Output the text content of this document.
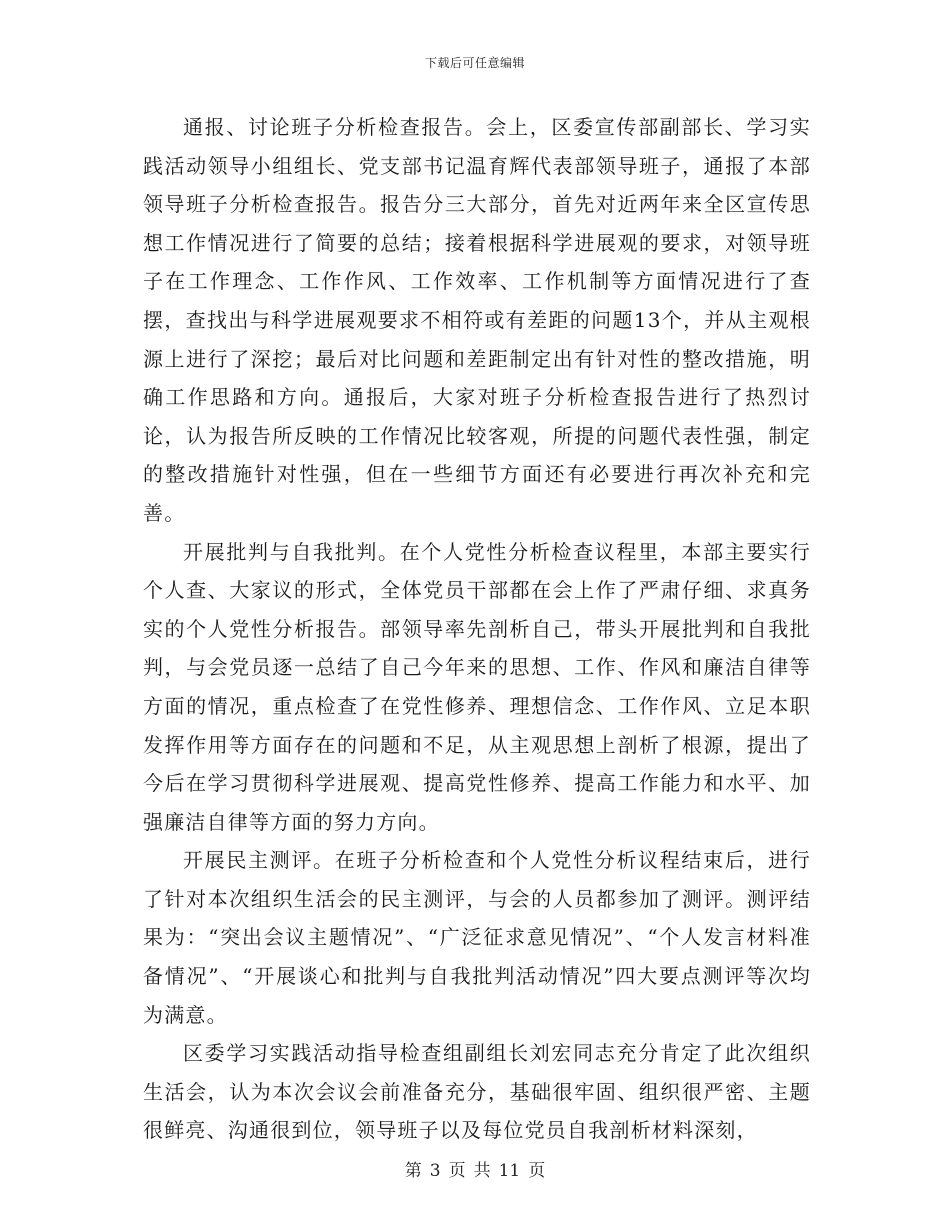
下载后可任意编辑

通报、讨论班子分析检查报告。会上，区委宣传部副部长、学习实践活动领导小组组长、党支部书记温育辉代表部领导班子，通报了本部领导班子分析检查报告。报告分三大部分，首先对近两年来全区宣传思想工作情况进行了简要的总结；接着根据科学进展观的要求，对领导班子在工作理念、工作作风、工作效率、工作机制等方面情况进行了查摆，查找出与科学进展观要求不相符或有差距的问题13个，并从主观根源上进行了深挖；最后对比问题和差距制定出有针对性的整改措施，明确工作思路和方向。通报后，大家对班子分析检查报告进行了热烈讨论，认为报告所反映的工作情况比较客观，所提的问题代表性强，制定的整改措施针对性强，但在一些细节方面还有必要进行再次补充和完善。

开展批判与自我批判。在个人党性分析检查议程里，本部主要实行个人查、大家议的形式，全体党员干部都在会上作了严肃仔细、求真务实的个人党性分析报告。部领导率先剖析自己，带头开展批判和自我批判，与会党员逐一总结了自己今年来的思想、工作、作风和廉洁自律等方面的情况，重点检查了在党性修养、理想信念、工作作风、立足本职发挥作用等方面存在的问题和不足，从主观思想上剖析了根源，提出了今后在学习贯彻科学进展观、提高党性修养、提高工作能力和水平、加强廉洁自律等方面的努力方向。

开展民主测评。在班子分析检查和个人党性分析议程结束后，进行了针对本次组织生活会的民主测评，与会的人员都参加了测评。测评结果为：“突出会议主题情况”、“广泛征求意见情况”、“个人发言材料准备情况”、“开展谈心和批判与自我批判活动情况”四大要点测评等次均为满意。

区委学习实践活动指导检查组副组长刘宏同志充分肯定了此次组织生活会，认为本次会议会前准备充分，基础很牢固、组织很严密、主题很鲜亮、沟通很到位，领导班子以及每位党员自我剖析材料深刻，

第 3 页 共 11 页
